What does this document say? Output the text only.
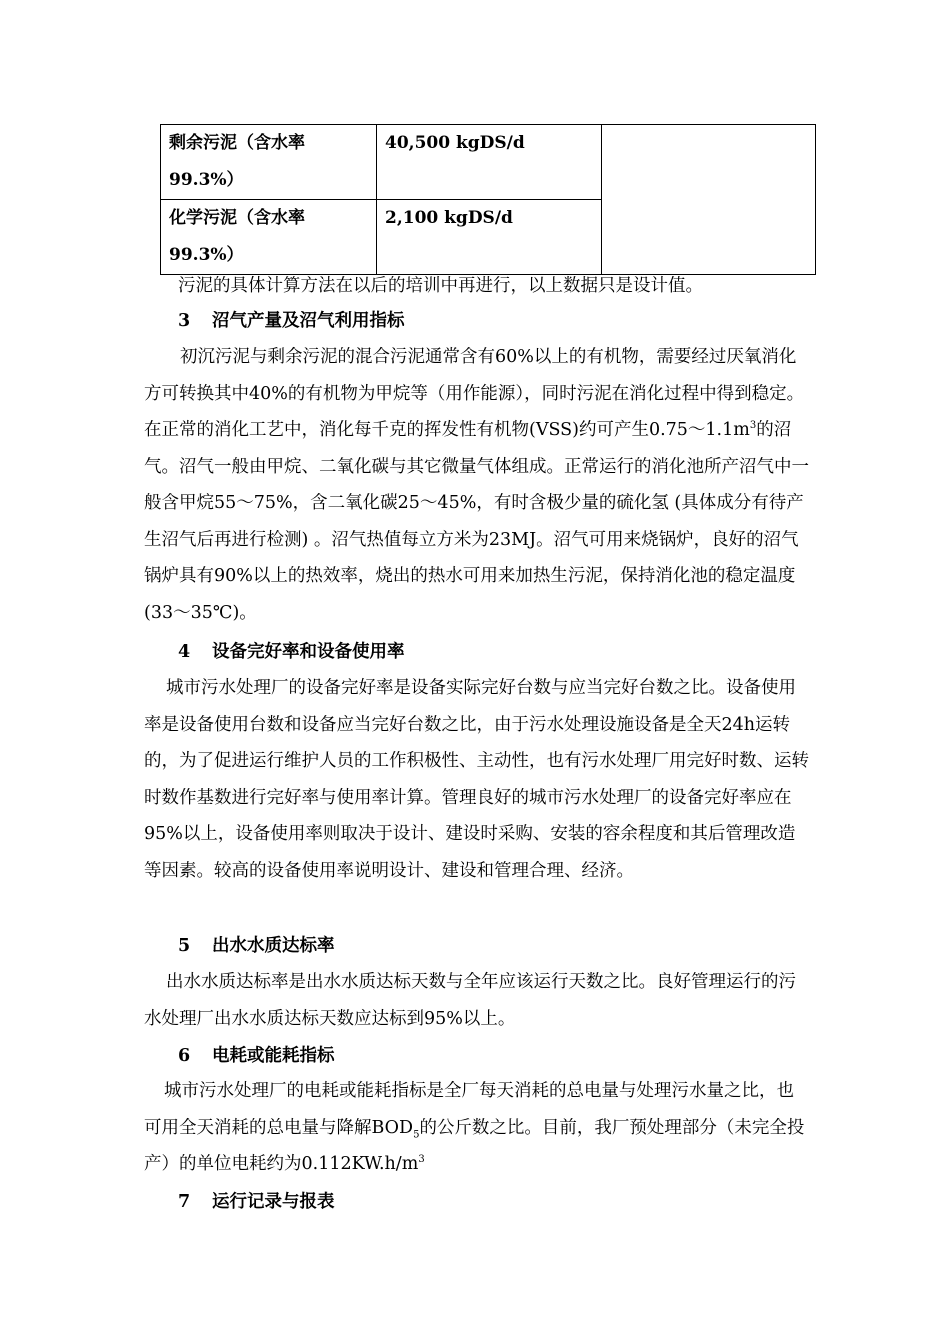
剩余污泥（含水率99.3%）	40,500 kgDS/d	
化学污泥（含水率99.3%）	2,100 kgDS/d	
污泥的具体计算方法在以后的培训中再进行，以上数据只是设计值。
3 沼气产量及沼气利用指标
初沉污泥与剩余污泥的混合污泥通常含有60%以上的有机物，需要经过厌氧消化方可转换其中40%的有机物为甲烷等（用作能源），同时污泥在消化过程中得到稳定。在正常的消化工艺中，消化每千克的挥发性有机物(VSS)约可产生$0.75\sim 1.1m^3$的沼气。沼气一般由甲烷、二氧化碳与其它微量气体组成。正常运行的消化池所产沼气中一般含甲烷55～75%，含二氧化碳25～45%，有时含极少量的硫化氢 (具体成分有待产生沼气后再进行检测) 。沼气热值每立方米为23MJ。沼气可用来烧锅炉，良好的沼气锅炉具有90%以上的热效率，烧出的热水可用来加热生污泥，保持消化池的稳定温度(33～35℃)。
4 设备完好率和设备使用率
城市污水处理厂的设备完好率是设备实际完好台数与应当完好台数之比。设备使用率是设备使用台数和设备应当完好台数之比，由于污水处理设施设备是全天24h运转的，为了促进运行维护人员的工作积极性、主动性，也有污水处理厂用完好时数、运转时数作基数进行完好率与使用率计算。管理良好的城市污水处理厂的设备完好率应在95%以上，设备使用率则取决于设计、建设时采购、安装的容余程度和其后管理改造等因素。较高的设备使用率说明设计、建设和管理合理、经济。
5 出水水质达标率
出水水质达标率是出水水质达标天数与全年应该运行天数之比。良好管理运行的污水处理厂出水水质达标天数应达标到95%以上。
6 电耗或能耗指标
城市污水处理厂的电耗或能耗指标是全厂每天消耗的总电量与处理污水量之比，也可用全天消耗的总电量与降解$BOD_5$的公斤数之比。目前，我厂预处理部分（未完全投产）的单位电耗约为$0.112KW.h/m^3$
7 运行记录与报表
